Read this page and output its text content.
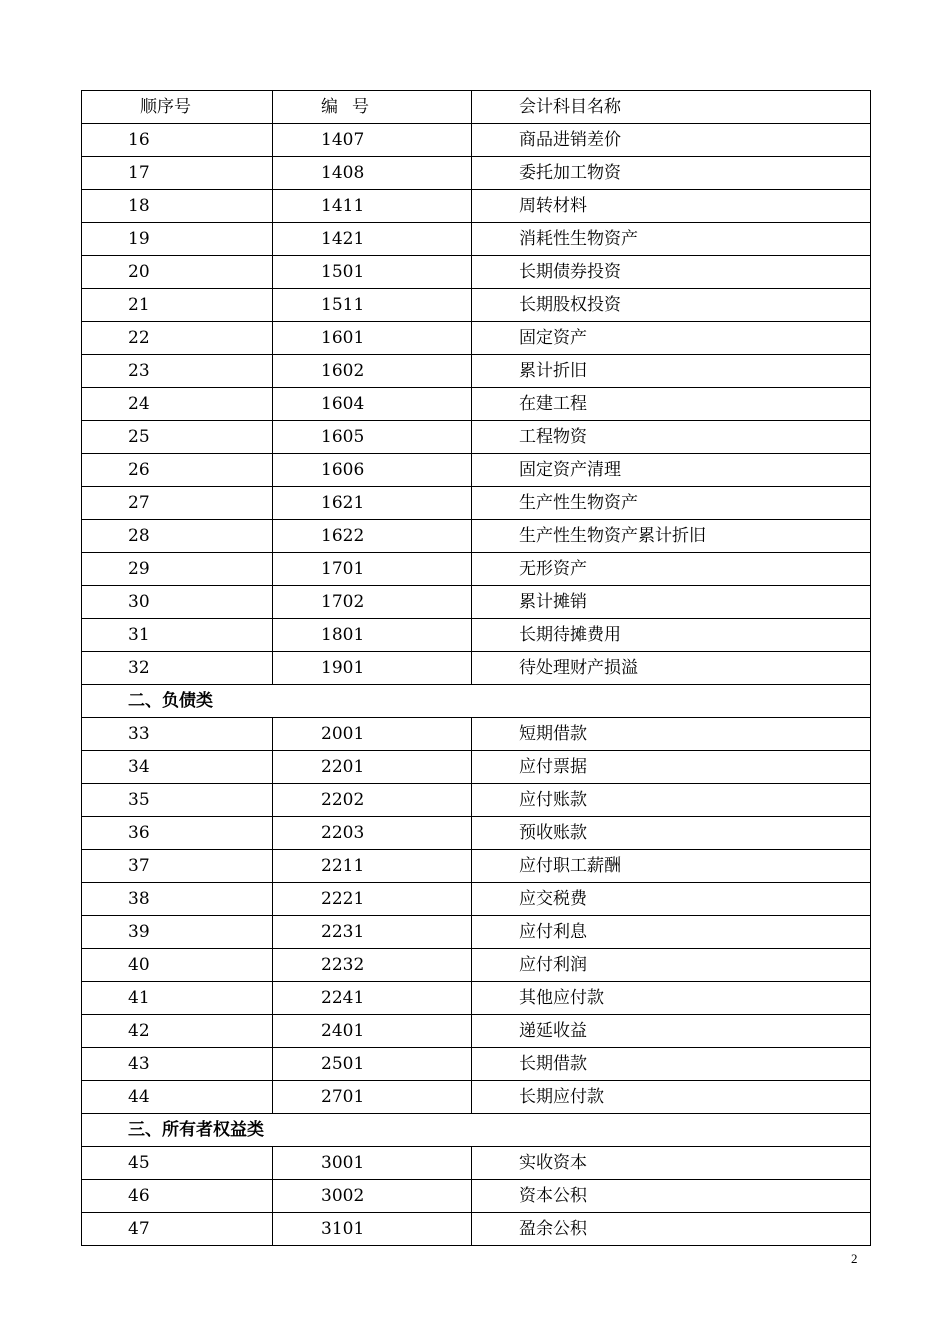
顺序号	编 号	会计科目名称
16	1407	商品进销差价
17	1408	委托加工物资
18	1411	周转材料
19	1421	消耗性生物资产
20	1501	长期债券投资
21	1511	长期股权投资
22	1601	固定资产
23	1602	累计折旧
24	1604	在建工程
25	1605	工程物资
26	1606	固定资产清理
27	1621	生产性生物资产
28	1622	生产性生物资产累计折旧
29	1701	无形资产
30	1702	累计摊销
31	1801	长期待摊费用
32	1901	待处理财产损溢
二、负债类		
33	2001	短期借款
34	2201	应付票据
35	2202	应付账款
36	2203	预收账款
37	2211	应付职工薪酬
38	2221	应交税费
39	2231	应付利息
40	2232	应付利润
41	2241	其他应付款
42	2401	递延收益
43	2501	长期借款
44	2701	长期应付款
三、所有者权益类		
45	3001	实收资本
46	3002	资本公积
47	3101	盈余公积
2
